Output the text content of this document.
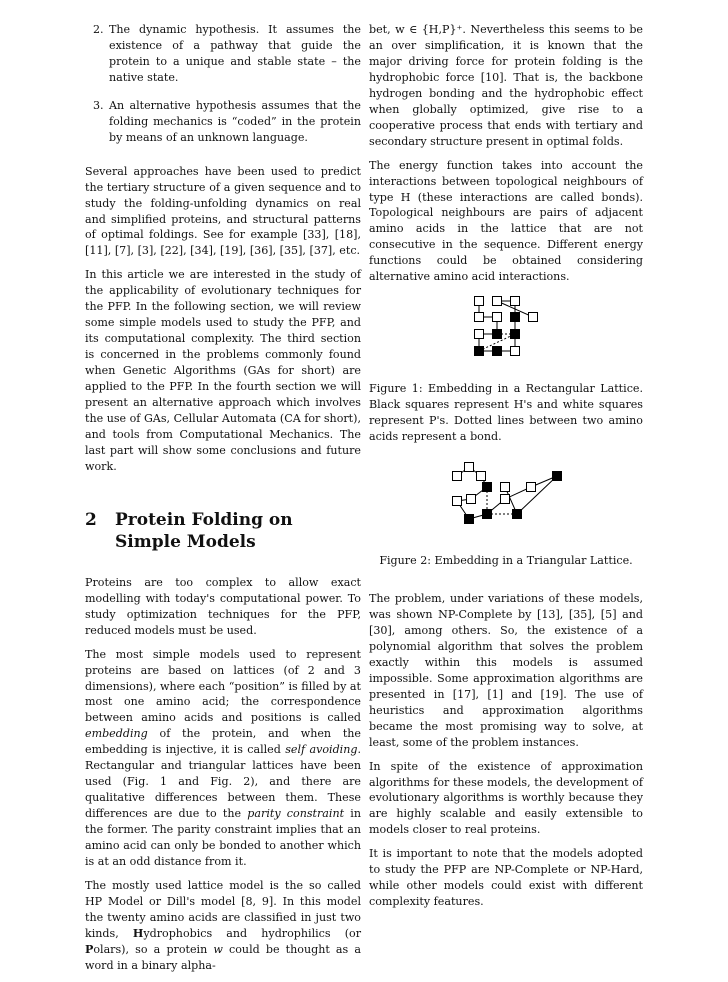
2. The dynamic hypothesis. It assumes the existence of a pathway that guide the protein to a unique and stable state – the native state.
3. An alternative hypothesis assumes that the folding mechanics is “coded” in the protein by means of an unknown language.

Several approaches have been used to predict the tertiary structure of a given sequence and to study the folding-unfolding dynamics on real and simplified proteins, and structural patterns of optimal foldings. See for example [33], [18], [11], [7], [3], [22], [34], [19], [36], [35], [37], etc.

In this article we are interested in the study of the applicability of evolutionary techniques for the PFP. In the following section, we will review some simple models used to study the PFP, and its computational complexity. The third section is concerned in the problems commonly found when Genetic Algorithms (GAs for short) are applied to the PFP. In the fourth section we will present an alternative approach which involves the use of GAs, Cellular Automata (CA for short), and tools from Computational Mechanics. The last part will show some conclusions and future work.

2	Protein Folding on Simple Models

Proteins are too complex to allow exact modelling with today's computational power. To study optimization techniques for the PFP, reduced models must be used.

The most simple models used to represent proteins are based on lattices (of 2 and 3 dimensions), where each “position” is filled by at most one amino acid; the correspondence between amino acids and positions is called embedding of the protein, and when the embedding is injective, it is called self avoiding. Rectangular and triangular lattices have been used (Fig. 1 and Fig. 2), and there are qualitative differences between them. These differences are due to the parity constraint in the former. The parity constraint implies that an amino acid can only be bonded to another which is at an odd distance from it.

The mostly used lattice model is the so called HP Model or Dill's model [8, 9]. In this model the twenty amino acids are classified in just two kinds, Hydrophobics and hydrophilics (or Polars), so a protein w could be thought as a word in a binary alpha-

bet, w ∈ {H,P}⁺. Nevertheless this seems to be an over simplification, it is known that the major driving force for protein folding is the hydrophobic force [10]. That is, the backbone hydrogen bonding and the hydrophobic effect when globally optimized, give rise to a cooperative process that ends with tertiary and secondary structure present in optimal folds.

The energy function takes into account the interactions between topological neighbours of type H (these interactions are called bonds). Topological neighbours are pairs of adjacent amino acids in the lattice that are not consecutive in the sequence. Different energy functions could be obtained considering alternative amino acid interactions.

Figure 1: Embedding in a Rectangular Lattice. Black squares represent H's and white squares represent P's. Dotted lines between two amino acids represent a bond.
Figure 2: Embedding in a Triangular Lattice.

The problem, under variations of these models, was shown NP-Complete by [13], [35], [5] and [30], among others. So, the existence of a polynomial algorithm that solves the problem exactly within this models is assumed impossible. Some approximation algorithms are presented in [17], [1] and [19]. The use of heuristics and approximation algorithms became the most promising way to solve, at least, some of the problem instances.

In spite of the existence of approximation algorithms for these models, the development of evolutionary algorithms is worthly because they are highly scalable and easily extensible to models closer to real proteins.

It is important to note that the models adopted to study the PFP are NP-Complete or NP-Hard, while other models could exist with different complexity features.
